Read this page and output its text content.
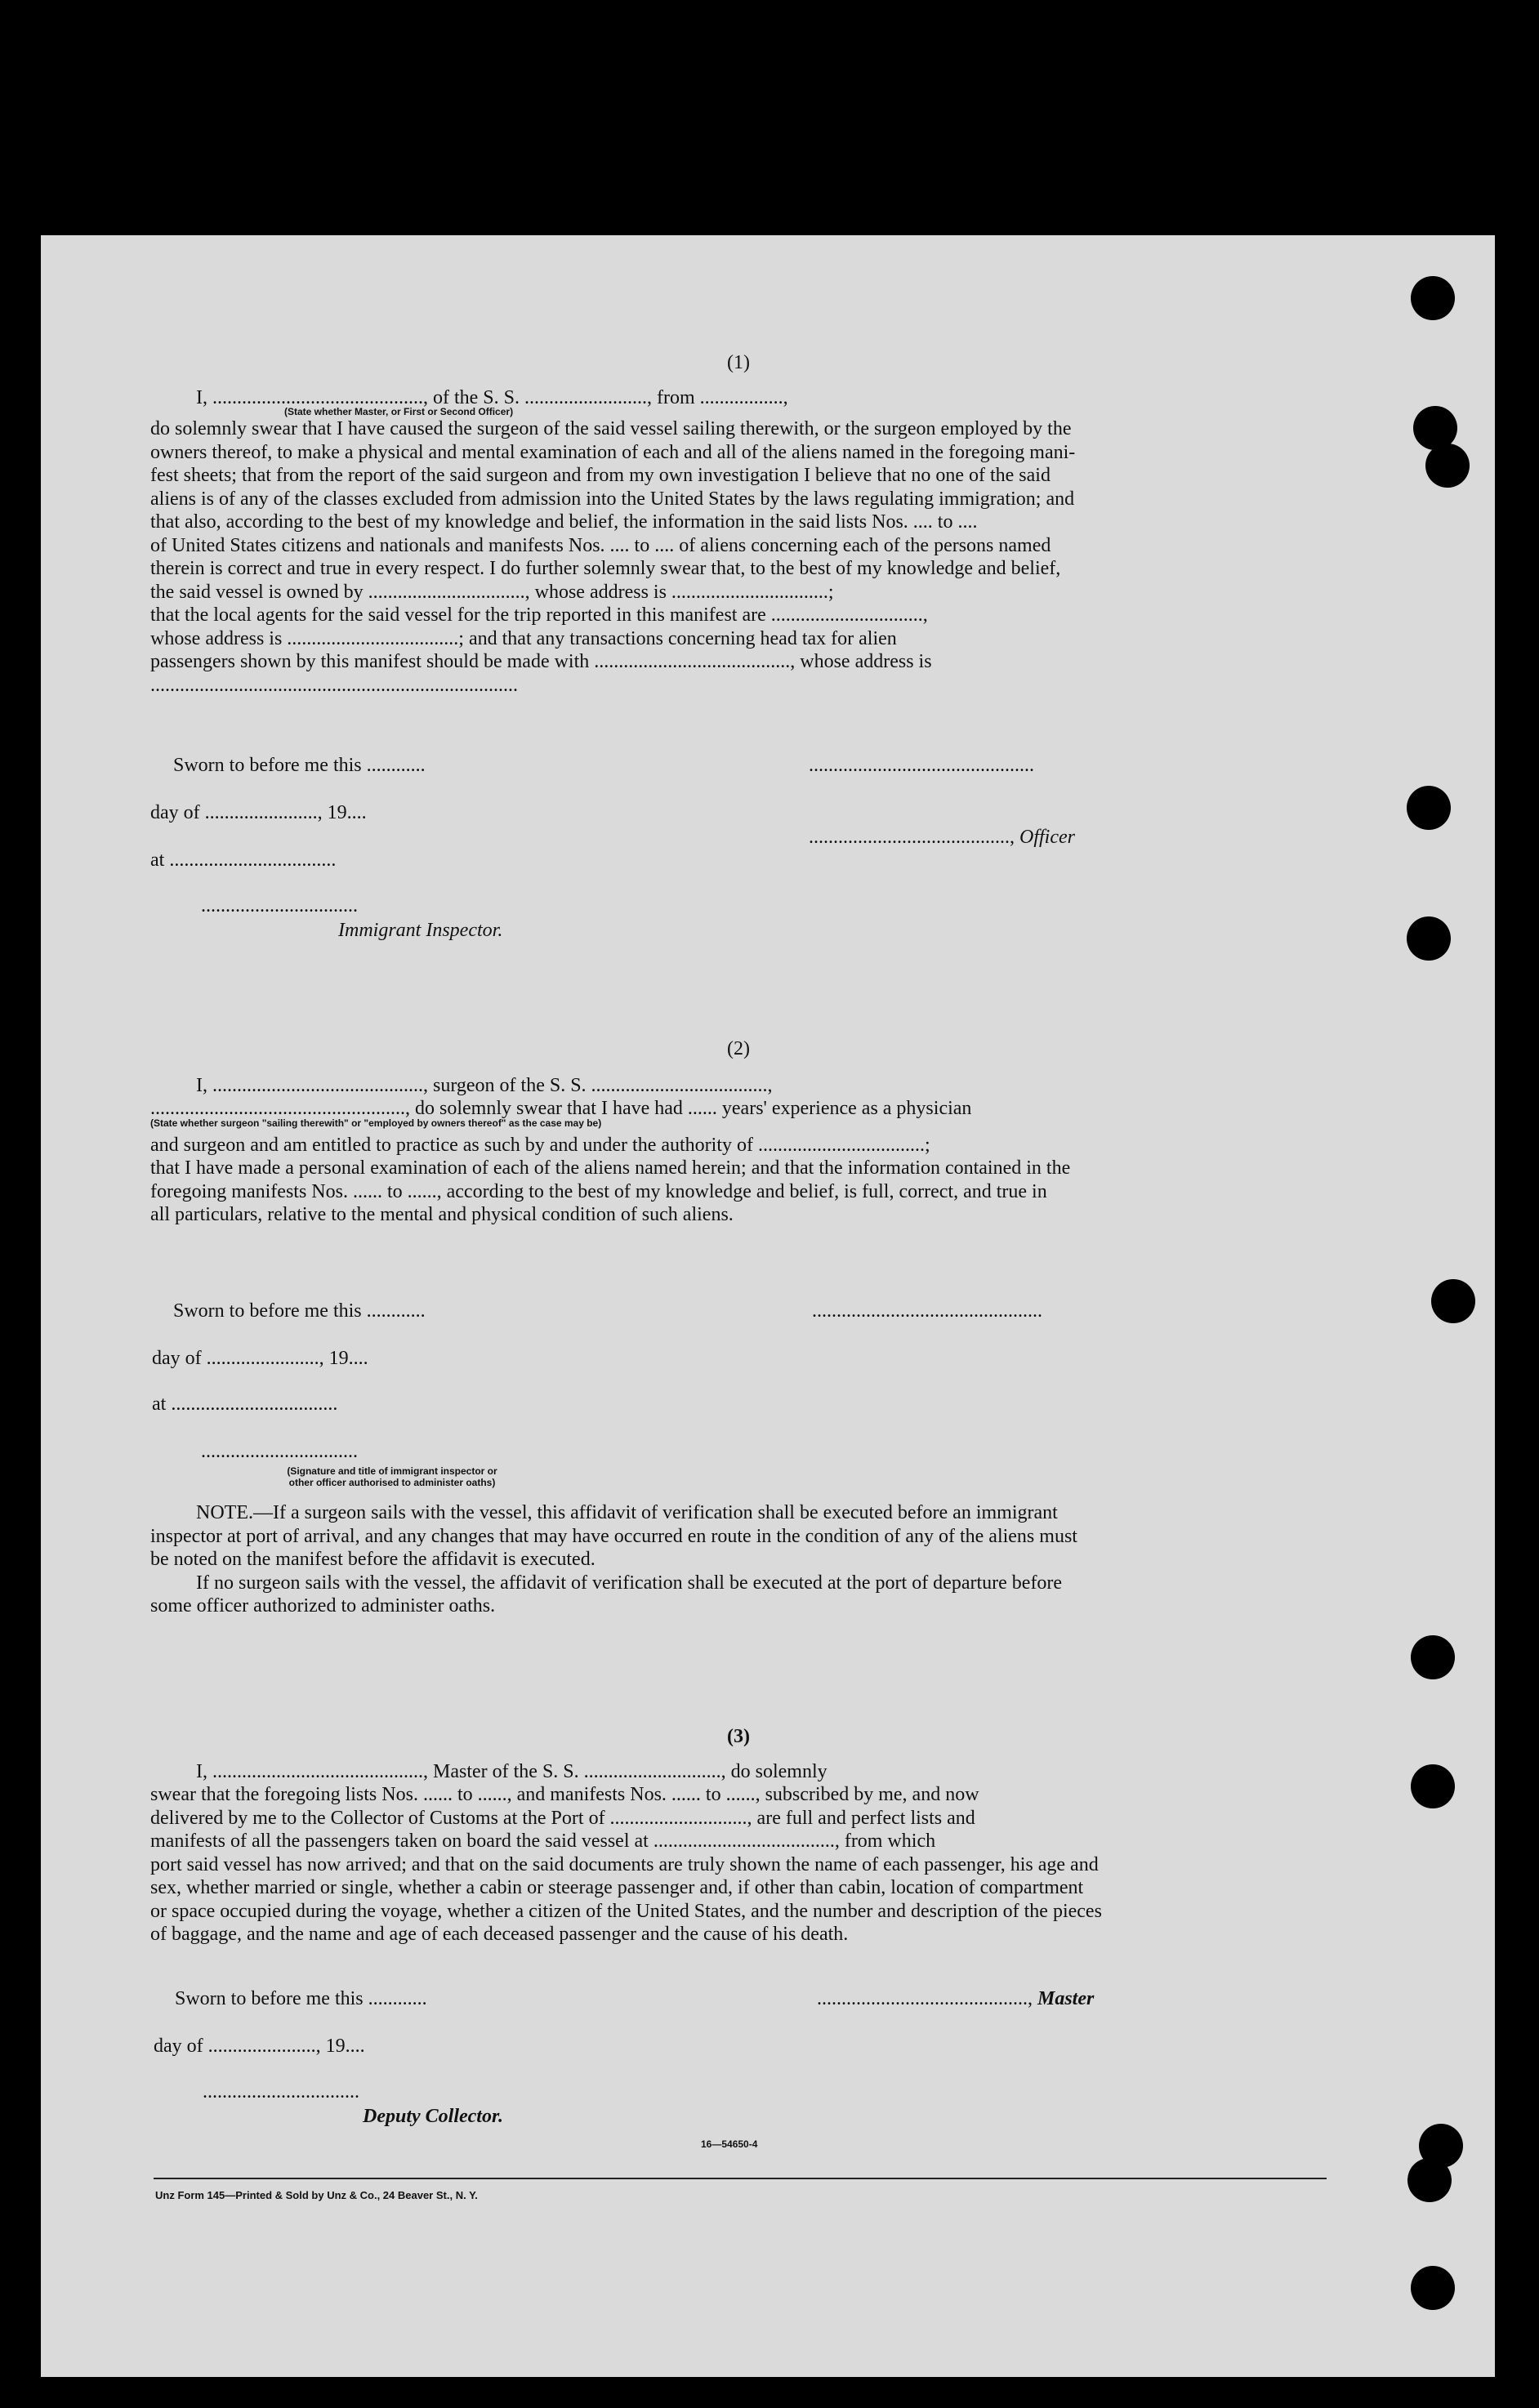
(1)
I, ..........................................., of the S. S. ........................., from .................,
(State whether Master, or First or Second Officer)

do solemnly swear that I have caused the surgeon of the said vessel sailing therewith, or the surgeon employed by the

owners thereof, to make a physical and mental examination of each and all of the aliens named in the foregoing mani-

fest sheets; that from the report of the said surgeon and from my own investigation I believe that no one of the said

aliens is of any of the classes excluded from admission into the United States by the laws regulating immigration; and

that also, according to the best of my knowledge and belief, the information in the said lists Nos. .... to ....

of United States citizens and nationals and manifests Nos. .... to .... of aliens concerning each of the persons named

therein is correct and true in every respect. I do further solemnly swear that, to the best of my knowledge and belief,

the said vessel is owned by ................................, whose address is ................................;

that the local agents for the said vessel for the trip reported in this manifest are ...............................,

whose address is ...................................; and that any transactions concerning head tax for alien

passengers shown by this manifest should be made with ........................................, whose address is

...........................................................................

Sworn to before me this ............	..............................................
day of ......................., 19....
........................................., Officer
at ..................................
................................
Immigrant Inspector.
(2)
I, ..........................................., surgeon of the S. S. ....................................,
...................................................., do solemnly swear that I have had ...... years' experience as a physician
(State whether surgeon "sailing therewith" or "employed by owners thereof" as the case may be)

and surgeon and am entitled to practice as such by and under the authority of ..................................;

that I have made a personal examination of each of the aliens named herein; and that the information contained in the

foregoing manifests Nos. ...... to ......, according to the best of my knowledge and belief, is full, correct, and true in

all particulars, relative to the mental and physical condition of such aliens.

Sworn to before me this ............	...............................................
day of ......................., 19....
at ..................................
................................
(Signature and title of immigrant inspector or
other officer authorised to administer oaths)

NOTE.—If a surgeon sails with the vessel, this affidavit of verification shall be executed before an immigrant

inspector at port of arrival, and any changes that may have occurred en route in the condition of any of the aliens must

be noted on the manifest before the affidavit is executed.

If no surgeon sails with the vessel, the affidavit of verification shall be executed at the port of departure before

some officer authorized to administer oaths.

(3)
I, ..........................................., Master of the S. S. ............................, do solemnly

swear that the foregoing lists Nos. ...... to ......, and manifests Nos. ...... to ......, subscribed by me, and now

delivered by me to the Collector of Customs at the Port of ............................, are full and perfect lists and

manifests of all the passengers taken on board the said vessel at ....................................., from which

port said vessel has now arrived; and that on the said documents are truly shown the name of each passenger, his age and

sex, whether married or single, whether a cabin or steerage passenger and, if other than cabin, location of compartment

or space occupied during the voyage, whether a citizen of the United States, and the number and description of the pieces

of baggage, and the name and age of each deceased passenger and the cause of his death.

Sworn to before me this ............	..........................................., Master
day of ......................, 19....
................................
Deputy Collector.
16—54650-4
Unz Form 145—Printed & Sold by Unz & Co., 24 Beaver St., N. Y.
